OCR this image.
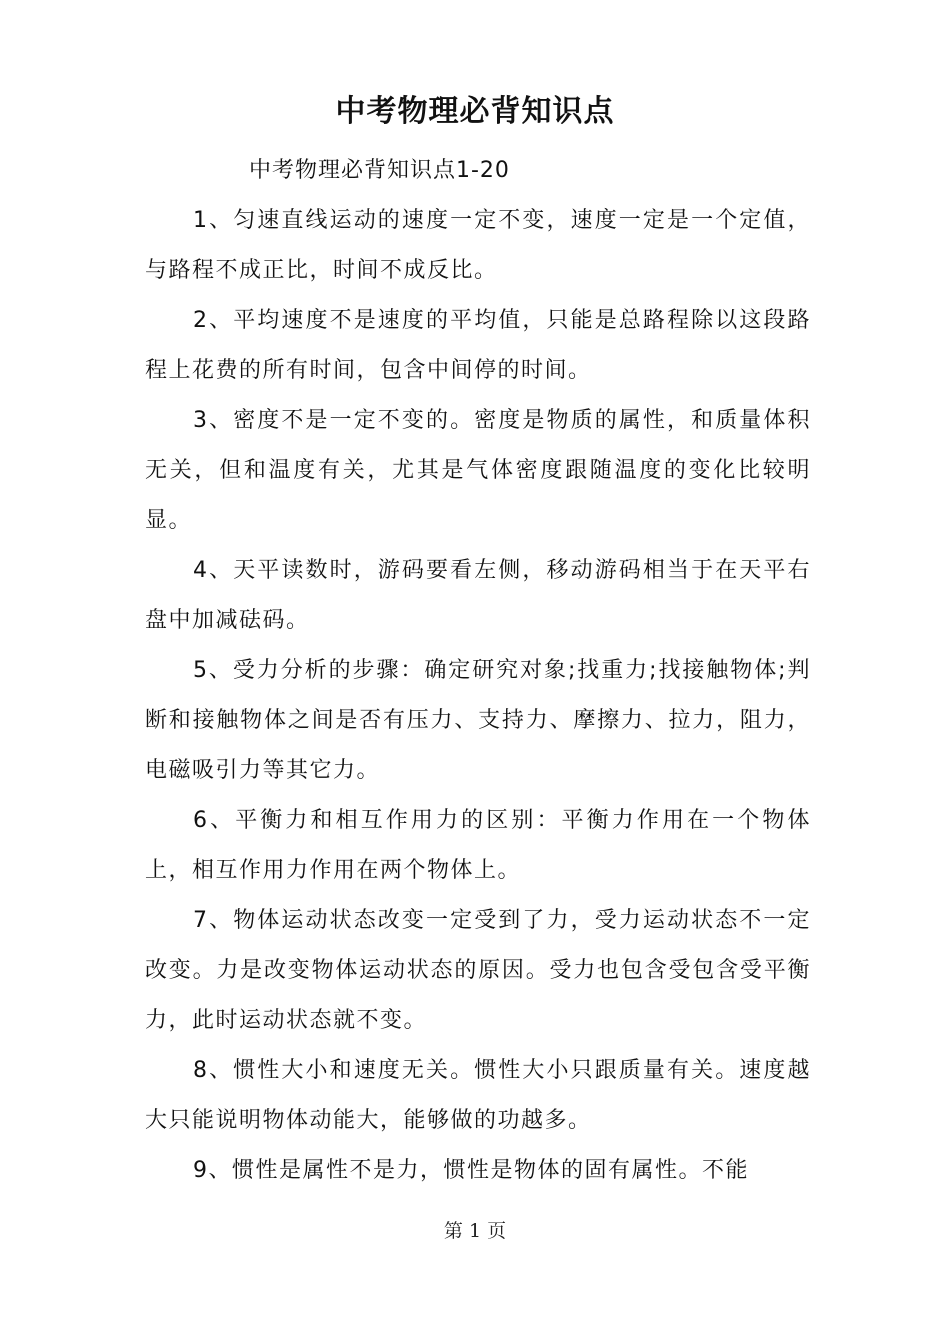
中考物理必背知识点

中考物理必背知识点1-20

1、匀速直线运动的速度一定不变，速度一定是一个定值，与路程不成正比，时间不成反比。

2、平均速度不是速度的平均值，只能是总路程除以这段路程上花费的所有时间，包含中间停的时间。

3、密度不是一定不变的。密度是物质的属性，和质量体积无关，但和温度有关，尤其是气体密度跟随温度的变化比较明显。

4、天平读数时，游码要看左侧，移动游码相当于在天平右盘中加减砝码。

5、受力分析的步骤：确定研究对象;找重力;找接触物体;判断和接触物体之间是否有压力、支持力、摩擦力、拉力，阻力，电磁吸引力等其它力。

6、平衡力和相互作用力的区别：平衡力作用在一个物体上，相互作用力作用在两个物体上。

7、物体运动状态改变一定受到了力，受力运动状态不一定改变。力是改变物体运动状态的原因。受力也包含受包含受平衡力，此时运动状态就不变。

8、惯性大小和速度无关。惯性大小只跟质量有关。速度越大只能说明物体动能大，能够做的功越多。

9、惯性是属性不是力，惯性是物体的固有属性。不能

第 1 页
